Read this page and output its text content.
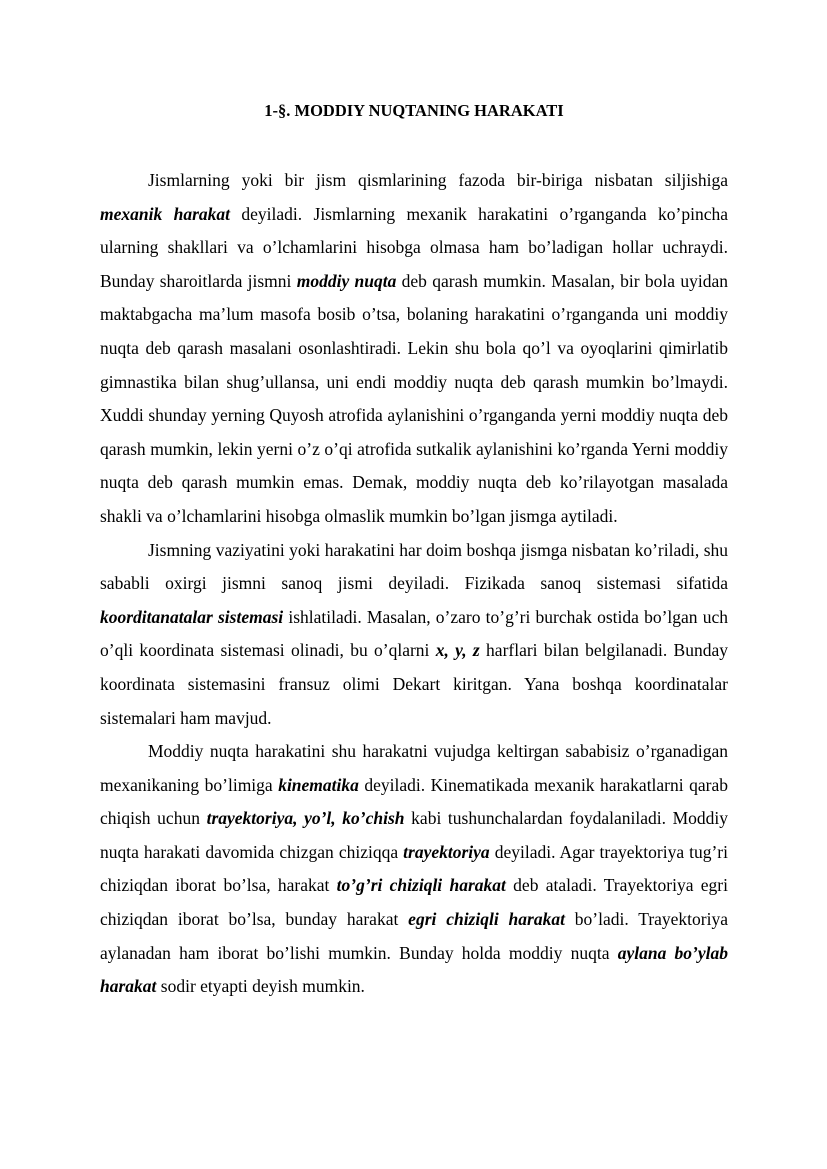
1-§. MODDIY NUQTANING HARAKATI

Jismlarning yoki bir jism qismlarining fazoda bir-biriga nisbatan siljishiga mexanik harakat deyiladi. Jismlarning mexanik harakatini o’rganganda ko’pincha ularning shakllari va o’lchamlarini hisobga olmasa ham bo’ladigan hollar uchraydi. Bunday sharoitlarda jismni moddiy nuqta deb qarash mumkin. Masalan, bir bola uyidan maktabgacha ma’lum masofa bosib o’tsa, bolaning harakatini o’rganganda uni moddiy nuqta deb qarash masalani osonlashtiradi. Lekin shu bola qo’l va oyoqlarini qimirlatib gimnastika bilan shug’ullansa, uni endi moddiy nuqta deb qarash mumkin bo’lmaydi. Xuddi shunday yerning Quyosh atrofida aylanishini o’rganganda yerni moddiy nuqta deb qarash mumkin, lekin yerni o’z o’qi atrofida sutkalik aylanishini ko’rganda Yerni moddiy nuqta deb qarash mumkin emas. Demak, moddiy nuqta deb ko’rilayotgan masalada shakli va o’lchamlarini hisobga olmaslik mumkin bo’lgan jismga aytiladi.

Jismning vaziyatini yoki harakatini har doim boshqa jismga nisbatan ko’riladi, shu sababli oxirgi jismni sanoq jismi deyiladi. Fizikada sanoq sistemasi sifatida koorditanatalar sistemasi ishlatiladi. Masalan, o’zaro to’g’ri burchak ostida bo’lgan uch o’qli koordinata sistemasi olinadi, bu o’qlarni x, y, z harflari bilan belgilanadi. Bunday koordinata sistemasini fransuz olimi Dekart kiritgan. Yana boshqa koordinatalar sistemalari ham mavjud.

Moddiy nuqta harakatini shu harakatni vujudga keltirgan sababisiz o’rganadigan mexanikaning bo’limiga kinematika deyiladi. Kinematikada mexanik harakatlarni qarab chiqish uchun trayektoriya, yo’l, ko’chish kabi tushunchalardan foydalaniladi. Moddiy nuqta harakati davomida chizgan chiziqqa trayektoriya deyiladi. Agar trayektoriya tug’ri chiziqdan iborat bo’lsa, harakat to’g’ri chiziqli harakat deb ataladi. Trayektoriya egri chiziqdan iborat bo’lsa, bunday harakat egri chiziqli harakat bo’ladi. Trayektoriya aylanadan ham iborat bo’lishi mumkin. Bunday holda moddiy nuqta aylana bo’ylab harakat sodir etyapti deyish mumkin.
